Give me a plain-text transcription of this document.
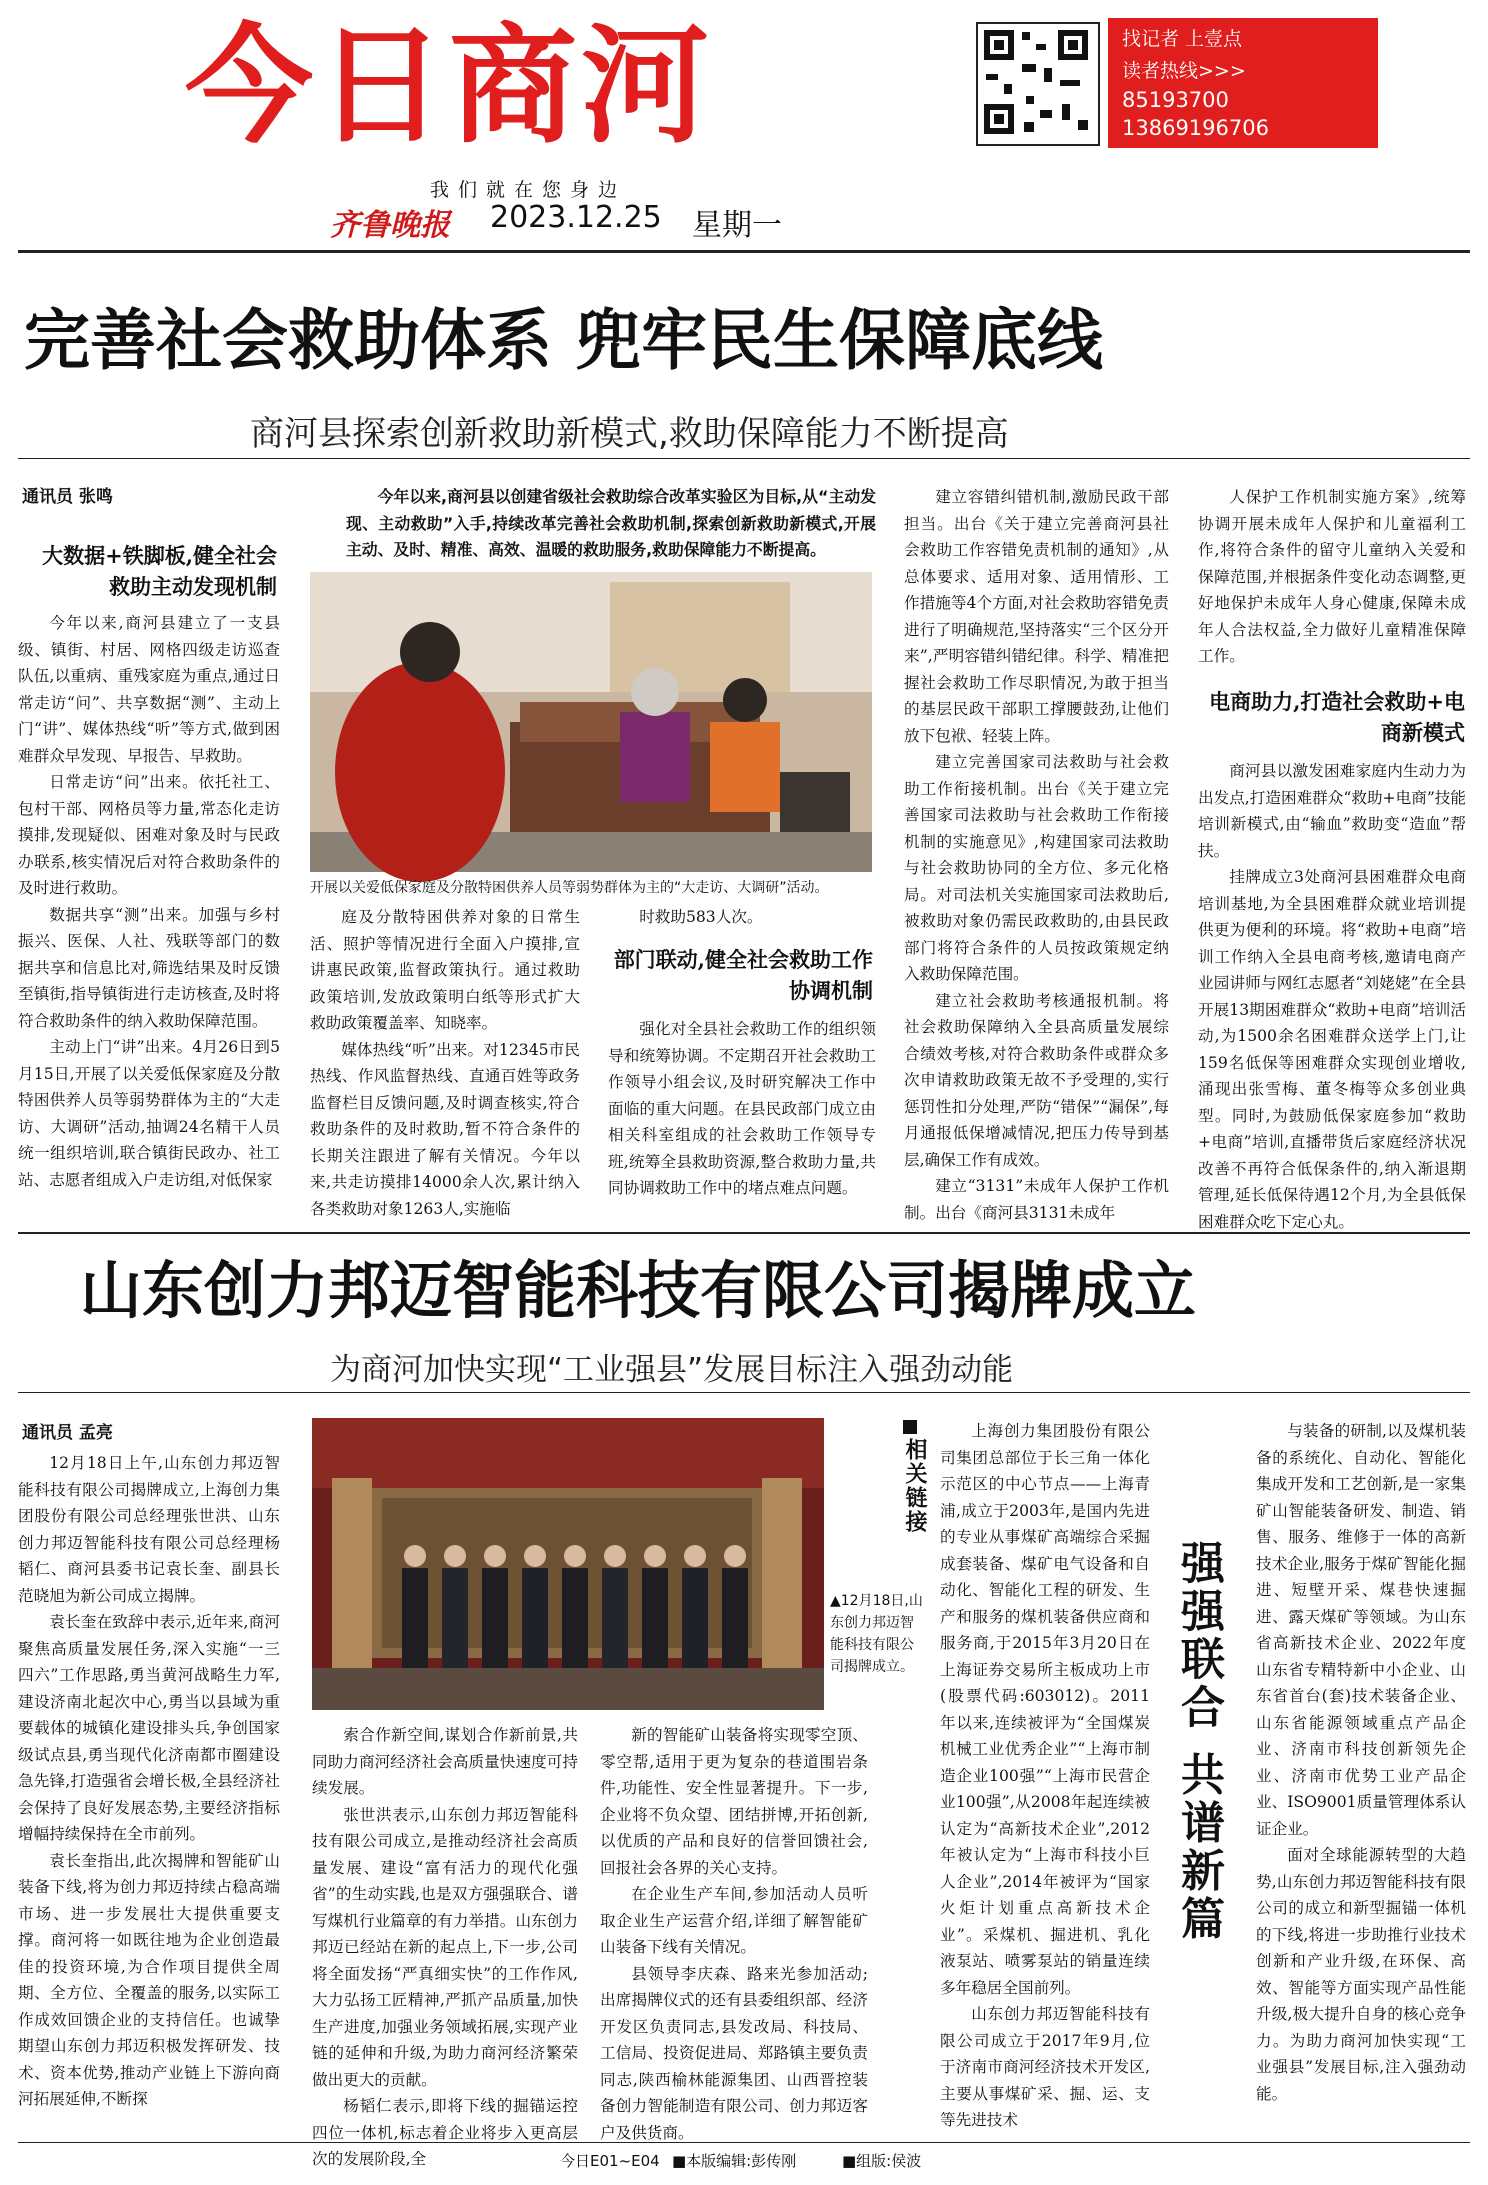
今日商河	找记者 上壹点
读者热线>>>
85193700
13869196706
我们就在您身边
齐鲁晚报 2023.12.25 星期一
完善社会救助体系 兜牢民生保障底线
商河县探索创新救助新模式,救助保障能力不断提高
通讯员 张鸣
大数据+铁脚板,健全社会救助主动发现机制

今年以来,商河县建立了一支县级、镇街、村居、网格四级走访巡查队伍,以重病、重残家庭为重点,通过日常走访“问”、共享数据“测”、主动上门“讲”、媒体热线“听”等方式,做到困难群众早发现、早报告、早救助。

日常走访“问”出来。依托社工、包村干部、网格员等力量,常态化走访摸排,发现疑似、困难对象及时与民政办联系,核实情况后对符合救助条件的及时进行救助。

数据共享“测”出来。加强与乡村振兴、医保、人社、残联等部门的数据共享和信息比对,筛选结果及时反馈至镇街,指导镇街进行走访核查,及时将符合救助条件的纳入救助保障范围。

主动上门“讲”出来。4月26日到5月15日,开展了以关爱低保家庭及分散特困供养人员等弱势群体为主的“大走访、大调研”活动,抽调24名精干人员统一组织培训,联合镇街民政办、社工站、志愿者组成入户走访组,对低保家

今年以来,商河县以创建省级社会救助综合改革实验区为目标,从“主动发现、主动救助”入手,持续改革完善社会救助机制,探索创新救助新模式,开展主动、及时、精准、高效、温暖的救助服务,救助保障能力不断提高。

开展以关爱低保家庭及分散特困供养人员等弱势群体为主的“大走访、大调研”活动。

庭及分散特困供养对象的日常生活、照护等情况进行全面入户摸排,宣讲惠民政策,监督政策执行。通过救助政策培训,发放政策明白纸等形式扩大救助政策覆盖率、知晓率。

媒体热线“听”出来。对12345市民热线、作风监督热线、直通百姓等政务监督栏目反馈问题,及时调查核实,符合救助条件的及时救助,暂不符合条件的长期关注跟进了解有关情况。今年以来,共走访摸排14000余人次,累计纳入各类救助对象1263人,实施临

时救助583人次。

部门联动,健全社会救助工作协调机制

强化对全县社会救助工作的组织领导和统筹协调。不定期召开社会救助工作领导小组会议,及时研究解决工作中面临的重大问题。在县民政部门成立由相关科室组成的社会救助工作领导专班,统筹全县救助资源,整合救助力量,共同协调救助工作中的堵点难点问题。

建立容错纠错机制,激励民政干部担当。出台《关于建立完善商河县社会救助工作容错免责机制的通知》,从总体要求、适用对象、适用情形、工作措施等4个方面,对社会救助容错免责进行了明确规范,坚持落实“三个区分开来”,严明容错纠错纪律。科学、精准把握社会救助工作尽职情况,为敢于担当的基层民政干部职工撑腰鼓劲,让他们放下包袱、轻装上阵。

建立完善国家司法救助与社会救助工作衔接机制。出台《关于建立完善国家司法救助与社会救助工作衔接机制的实施意见》,构建国家司法救助与社会救助协同的全方位、多元化格局。对司法机关实施国家司法救助后,被救助对象仍需民政救助的,由县民政部门将符合条件的人员按政策规定纳入救助保障范围。

建立社会救助考核通报机制。将社会救助保障纳入全县高质量发展综合绩效考核,对符合救助条件或群众多次申请救助政策无故不予受理的,实行惩罚性扣分处理,严防“错保”“漏保”,每月通报低保增减情况,把压力传导到基层,确保工作有成效。

建立“3131”未成年人保护工作机制。出台《商河县3131未成年

人保护工作机制实施方案》,统筹协调开展未成年人保护和儿童福利工作,将符合条件的留守儿童纳入关爱和保障范围,并根据条件变化动态调整,更好地保护未成年人身心健康,保障未成年人合法权益,全力做好儿童精准保障工作。

电商助力,打造社会救助+电商新模式

商河县以激发困难家庭内生动力为出发点,打造困难群众“救助+电商”技能培训新模式,由“输血”救助变“造血”帮扶。

挂牌成立3处商河县困难群众电商培训基地,为全县困难群众就业培训提供更为便利的环境。将“救助+电商”培训工作纳入全县电商考核,邀请电商产业园讲师与网红志愿者“刘姥姥”在全县开展13期困难群众“救助+电商”培训活动,为1500余名困难群众送学上门,让159名低保等困难群众实现创业增收,涌现出张雪梅、董冬梅等众多创业典型。同时,为鼓励低保家庭参加“救助+电商”培训,直播带货后家庭经济状况改善不再符合低保条件的,纳入渐退期管理,延长低保待遇12个月,为全县低保困难群众吃下定心丸。

山东创力邦迈智能科技有限公司揭牌成立
为商河加快实现“工业强县”发展目标注入强劲动能
通讯员 孟亮

12月18日上午,山东创力邦迈智能科技有限公司揭牌成立,上海创力集团股份有限公司总经理张世洪、山东创力邦迈智能科技有限公司总经理杨韬仁、商河县委书记袁长奎、副县长范晓旭为新公司成立揭牌。

袁长奎在致辞中表示,近年来,商河聚焦高质量发展任务,深入实施“一三四六”工作思路,勇当黄河战略生力军,建设济南北起次中心,勇当以县域为重要载体的城镇化建设排头兵,争创国家级试点县,勇当现代化济南都市圈建设急先锋,打造强省会增长极,全县经济社会保持了良好发展态势,主要经济指标增幅持续保持在全市前列。

袁长奎指出,此次揭牌和智能矿山装备下线,将为创力邦迈持续占稳高端市场、进一步发展壮大提供重要支撑。商河将一如既往地为企业创造最佳的投资环境,为合作项目提供全周期、全方位、全覆盖的服务,以实际工作成效回馈企业的支持信任。也诚挚期望山东创力邦迈积极发挥研发、技术、资本优势,推动产业链上下游向商河拓展延伸,不断探

▲12月18日,山东创力邦迈智能科技有限公司揭牌成立。

索合作新空间,谋划合作新前景,共同助力商河经济社会高质量快速度可持续发展。

张世洪表示,山东创力邦迈智能科技有限公司成立,是推动经济社会高质量发展、建设“富有活力的现代化强省”的生动实践,也是双方强强联合、谱写煤机行业篇章的有力举措。山东创力邦迈已经站在新的起点上,下一步,公司将全面发扬“严真细实快”的工作作风,大力弘扬工匠精神,严抓产品质量,加快生产进度,加强业务领域拓展,实现产业链的延伸和升级,为助力商河经济繁荣做出更大的贡献。

杨韬仁表示,即将下线的掘锚运控四位一体机,标志着企业将步入更高层次的发展阶段,全

新的智能矿山装备将实现零空顶、零空帮,适用于更为复杂的巷道围岩条件,功能性、安全性显著提升。下一步,企业将不负众望、团结拼博,开拓创新,以优质的产品和良好的信誉回馈社会,回报社会各界的关心支持。

在企业生产车间,参加活动人员听取企业生产运营介绍,详细了解智能矿山装备下线有关情况。

县领导李庆森、路来光参加活动;出席揭牌仪式的还有县委组织部、经济开发区负责同志,县发改局、科技局、工信局、投资促进局、郑路镇主要负责同志,陕西榆林能源集团、山西晋控装备创力智能制造有限公司、创力邦迈客户及供货商。

相关链接
强强联合 共谱新篇

上海创力集团股份有限公司集团总部位于长三角一体化示范区的中心节点——上海青浦,成立于2003年,是国内先进的专业从事煤矿高端综合采掘成套装备、煤矿电气设备和自动化、智能化工程的研发、生产和服务的煤机装备供应商和服务商,于2015年3月20日在上海证券交易所主板成功上市(股票代码:603012)。2011年以来,连续被评为“全国煤炭机械工业优秀企业”“上海市制造企业100强”“上海市民营企业100强”,从2008年起连续被认定为“高新技术企业”,2012年被认定为“上海市科技小巨人企业”,2014年被评为“国家火炬计划重点高新技术企业”。采煤机、掘进机、乳化液泵站、喷雾泵站的销量连续多年稳居全国前列。

山东创力邦迈智能科技有限公司成立于2017年9月,位于济南市商河经济技术开发区,主要从事煤矿采、掘、运、支等先进技术

与装备的研制,以及煤机装备的系统化、自动化、智能化集成开发和工艺创新,是一家集矿山智能装备研发、制造、销售、服务、维修于一体的高新技术企业,服务于煤矿智能化掘进、短壁开采、煤巷快速掘进、露天煤矿等领域。为山东省高新技术企业、2022年度山东省专精特新中小企业、山东省首台(套)技术装备企业、山东省能源领域重点产品企业、济南市科技创新领先企业、济南市优势工业产品企业、ISO9001质量管理体系认证企业。

面对全球能源转型的大趋势,山东创力邦迈智能科技有限公司的成立和新型掘锚一体机的下线,将进一步助推行业技术创新和产业升级,在环保、高效、智能等方面实现产品性能升级,极大提升自身的核心竞争力。为助力商河加快实现“工业强县”发展目标,注入强劲动能。

今日E01~E04 ■本版编辑:彭传刚	■组版:侯波
